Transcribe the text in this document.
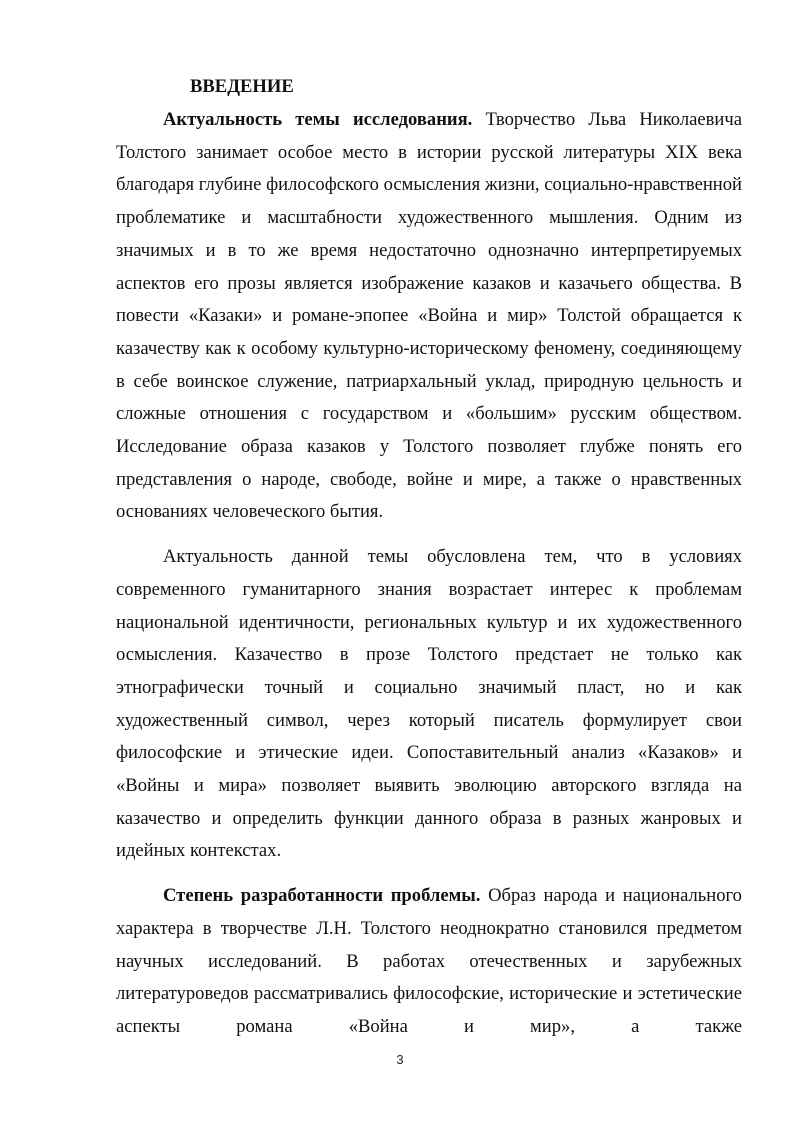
ВВЕДЕНИЕ

Актуальность темы исследования. Творчество Льва Николаевича Толстого занимает особое место в истории русской литературы XIX века благодаря глубине философского осмысления жизни, социально-нравственной проблематике и масштабности художественного мышления. Одним из значимых и в то же время недостаточно однозначно интерпретируемых аспектов его прозы является изображение казаков и казачьего общества. В повести «Казаки» и романе-эпопее «Война и мир» Толстой обращается к казачеству как к особому культурно-историческому феномену, соединяющему в себе воинское служение, патриархальный уклад, природную цельность и сложные отношения с государством и «большим» русским обществом. Исследование образа казаков у Толстого позволяет глубже понять его представления о народе, свободе, войне и мире, а также о нравственных основаниях человеческого бытия.

Актуальность данной темы обусловлена тем, что в условиях современного гуманитарного знания возрастает интерес к проблемам национальной идентичности, региональных культур и их художественного осмысления. Казачество в прозе Толстого предстает не только как этнографически точный и социально значимый пласт, но и как художественный символ, через который писатель формулирует свои философские и этические идеи. Сопоставительный анализ «Казаков» и «Войны и мира» позволяет выявить эволюцию авторского взгляда на казачество и определить функции данного образа в разных жанровых и идейных контекстах.

Степень разработанности проблемы. Образ народа и национального характера в творчестве Л.Н. Толстого неоднократно становился предметом научных исследований. В работах отечественных и зарубежных литературоведов рассматривались философские, исторические и эстетические аспекты романа «Война и мир», а также

3
